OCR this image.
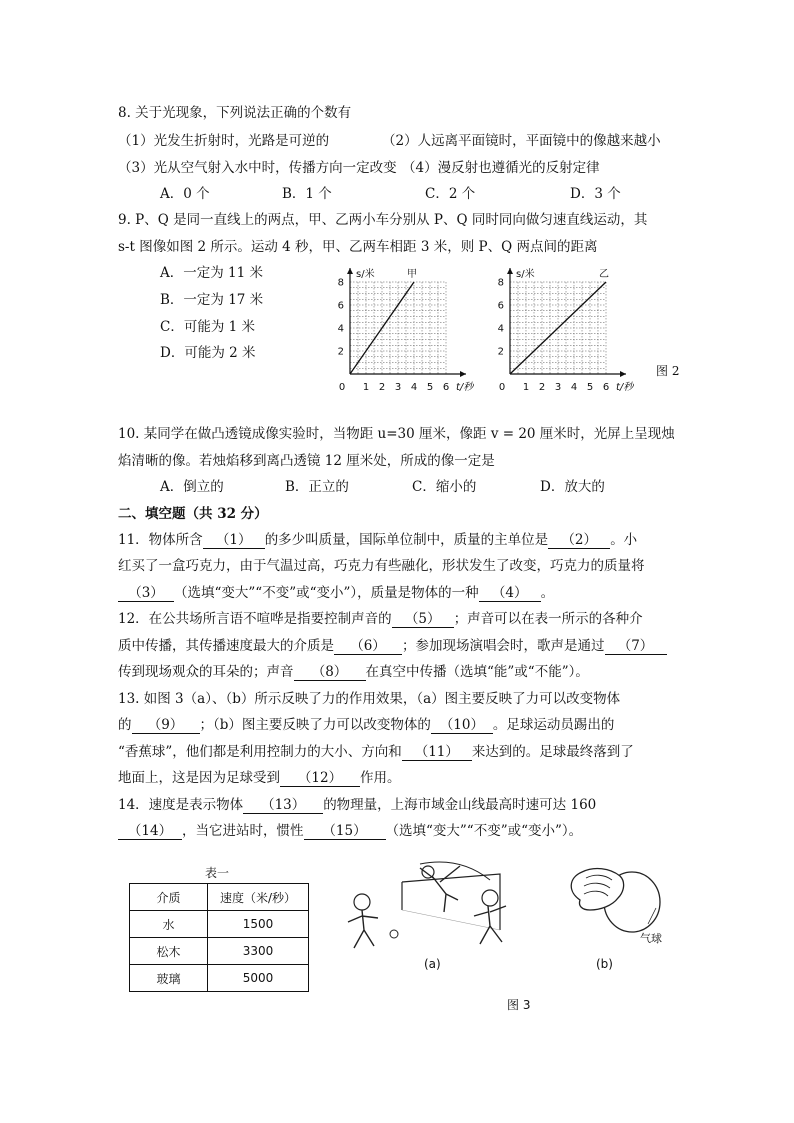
8. 关于光现象，下列说法正确的个数有
（1）光发生折射时，光路是可逆的	（2）人远离平面镜时，平面镜中的像越来越小
（3）光从空气射入水中时，传播方向一定改变 （4）漫反射也遵循光的反射定律
A．0 个	B．1 个	C．2 个	D．3 个
9. P、Q 是同一直线上的两点，甲、乙两小车分别从 P、Q 同时同向做匀速直线运动，其
s-t 图像如图 2 所示。运动 4 秒，甲、乙两车相距 3 米，则 P、Q 两点间的距离
A．一定为 11 米
B．一定为 17 米
C．可能为 1 米
D．可能为 2 米
1 2 3 4 5 6
2
4
6
8
0
s/米
t/秒
甲
1 2 3 4 5 6
2
4
6
8
0
s/米
t/秒
乙
图 2
10. 某同学在做凸透镜成像实验时，当物距 u=30 厘米，像距 v = 20 厘米时，光屏上呈现烛
焰清晰的像。若烛焰移到离凸透镜 12 厘米处，所成的像一定是
A．倒立的	B．正立的	C．缩小的	D．放大的
二、填空题（共 32 分）
11．物体所含 （1） 的多少叫质量，国际单位制中，质量的主单位是 （2） 。小
红买了一盒巧克力，由于气温过高，巧克力有些融化，形状发生了改变，巧克力的质量将
（3） （选填“变大”“不变”或“变小”），质量是物体的一种 （4） 。
12．在公共场所言语不喧哗是指要控制声音的 （5） ；声音可以在表一所示的各种介
质中传播，其传播速度最大的介质是 （6） ；参加现场演唱会时，歌声是通过 （7）
传到现场观众的耳朵的；声音 （8） 在真空中传播（选填“能”或“不能”）。
13. 如图 3（a）、（b）所示反映了力的作用效果，（a）图主要反映了力可以改变物体
的 （9） ；（b）图主要反映了力可以改变物体的 （10） 。足球运动员踢出的
“香蕉球”，他们都是利用控制力的大小、方向和 （11） 来达到的。足球最终落到了
地面上，这是因为足球受到 （12） 作用。
14．速度是表示物体 （13） 的物理量，上海市域金山线最高时速可达 160
（14） ，当它进站时，惯性 （15） （选填“变大”“不变”或“变小”）。
表一
介质	速度（米/秒）
水	1500
松木	3300
玻璃	5000
(a)
气球
(b)
图 3
